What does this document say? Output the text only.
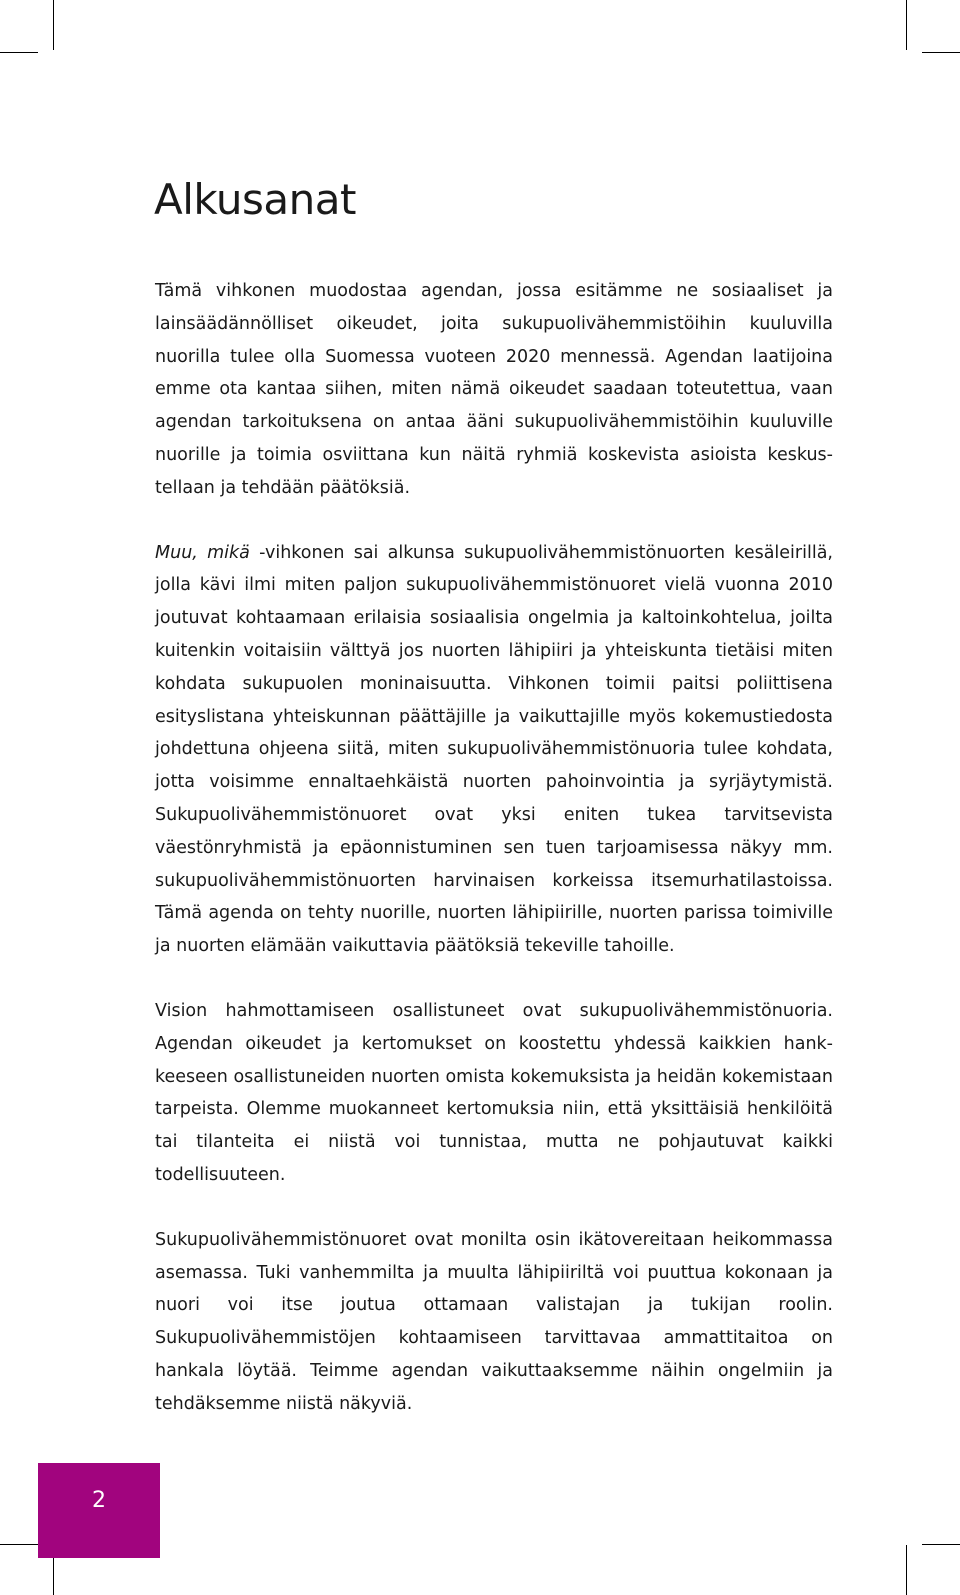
Alkusanat

Tämä vihkonen muodostaa agendan, jossa esitämme ne sosiaaliset ja lainsäädännölliset oikeudet, joita sukupuolivähemmistöihin kuuluvilla nuorilla tulee olla Suomessa vuoteen 2020 mennessä. Agendan laatijoina emme ota kantaa siihen, miten nämä oikeudet saadaan toteutettua, vaan agendan tarkoituksena on antaa ääni sukupuolivähemmistöihin kuuluville nuorille ja toimia osviittana kun näitä ryhmiä koskevista asioista keskustellaan ja tehdään päätöksiä.

Muu, mikä -vihkonen sai alkunsa sukupuolivähemmistönuorten kesäleirillä, jolla kävi ilmi miten paljon sukupuolivähemmistönuoret vielä vuonna 2010 joutuvat kohtaamaan erilaisia sosiaalisia ongelmia ja kaltoinkohtelua, joilta kuitenkin voitaisiin välttyä jos nuorten lähipiiri ja yhteiskunta tietäisi miten kohdata sukupuolen moninaisuutta. Vihkonen toimii paitsi poliittisena esityslistana yhteiskunnan päättäjille ja vaikuttajille myös kokemustiedosta johdettuna ohjeena siitä, miten sukupuolivähemmistönuoria tulee kohdata, jotta voisimme ennaltaehkäistä nuorten pahoinvointia ja syrjäytymistä. Sukupuolivähemmistönuoret ovat yksi eniten tukea tarvitsevista väestönryhmistä ja epäonnistuminen sen tuen tarjoamisessa näkyy mm. sukupuolivähemmistönuorten harvinaisen korkeissa itsemurhatilastoissa. Tämä agenda on tehty nuorille, nuorten lähipiirille, nuorten parissa toimiville ja nuorten elämään vaikuttavia päätöksiä tekeville tahoille.

Vision hahmottamiseen osallistuneet ovat sukupuolivähemmistönuoria. Agendan oikeudet ja kertomukset on koostettu yhdessä kaikkien hankkeeseen osallistuneiden nuorten omista kokemuksista ja heidän kokemistaan tarpeista. Olemme muokanneet kertomuksia niin, että yksittäisiä henkilöitä tai tilanteita ei niistä voi tunnistaa, mutta ne pohjautuvat kaikki todellisuuteen.

Sukupuolivähemmistönuoret ovat monilta osin ikätovereitaan heikommassa asemassa. Tuki vanhemmilta ja muulta lähipiiriltä voi puuttua kokonaan ja nuori voi itse joutua ottamaan valistajan ja tukijan roolin. Sukupuolivähemmistöjen kohtaamiseen tarvittavaa ammattitaitoa on hankala löytää. Teimme agendan vaikuttaaksemme näihin ongelmiin ja tehdäksemme niistä näkyviä.

2
